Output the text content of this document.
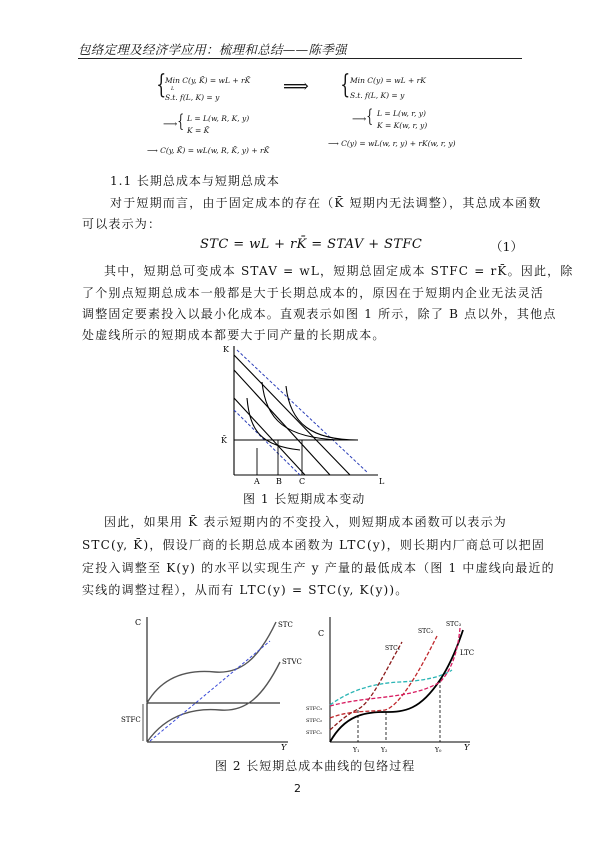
包络定理及经济学应用：梳理和总结——陈季强
{
Min C(y, K̄) = wL + rK̄
L
S.t. f(L, K) = y
⟹ { Min C(y) = wL + rK
S.t. f(L, K) = y
⟶ { L = L(w, R, K, y)
K = K̄
⟶ { L = L(w, r, y)
K = K(w, r, y)
⟶ C(y, K̄) = wL(w, R, K̄, y) + rK̄
⟶ C(y) = wL(w, r, y) + rK(w, r, y)
1.1 长期总成本与短期总成本
对于短期而言，由于固定成本的存在（K̄ 短期内无法调整），其总成本函数
可以表示为：
STC = wL + rK̄ = STAV + STFC	（1）
其中，短期总可变成本 STAV = wL，短期总固定成本 STFC = rK̄。因此，除
了个别点短期总成本一般都是大于长期总成本的，原因在于短期内企业无法灵活
调整固定要素投入以最小化成本。直观表示如图 1 所示，除了 B 点以外，其他点
处虚线所示的短期成本都要大于同产量的长期成本。
K
L
K̄
A B C
图 1 长短期成本变动
因此，如果用 K̄ 表示短期内的不变投入，则短期成本函数可以表示为
STC(y, K̄)，假设厂商的长期总成本函数为 LTC(y)，则长期内厂商总可以把固
定投入调整至 K(y) 的水平以实现生产 y 产量的最低成本（图 1 中虚线向最近的
实线的调整过程），从而有 LTC(y) = STC(y, K(y))。
C
Y
STFC
STC
STVC
C
Y
STFC₃
STFC₂
STFC₁
LTC
STC₁
STC₂
STC₃
Y₁	Y₂	Y₀
图 2 长短期总成本曲线的包络过程
2
